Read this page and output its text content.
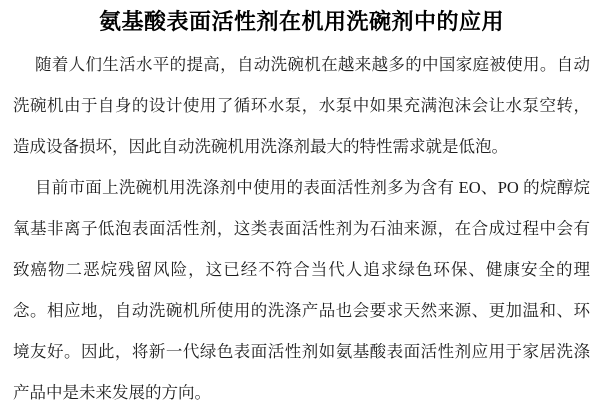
氨基酸表面活性剂在机用洗碗剂中的应用

随着人们生活水平的提高，自动洗碗机在越来越多的中国家庭被使用。自动洗碗机由于自身的设计使用了循环水泵，水泵中如果充满泡沫会让水泵空转，造成设备损坏，因此自动洗碗机用洗涤剂最大的特性需求就是低泡。

目前市面上洗碗机用洗涤剂中使用的表面活性剂多为含有 EO、PO 的烷醇烷氧基非离子低泡表面活性剂，这类表面活性剂为石油来源，在合成过程中会有致癌物二恶烷残留风险，这已经不符合当代人追求绿色环保、健康安全的理念。相应地，自动洗碗机所使用的洗涤产品也会要求天然来源、更加温和、环境友好。因此，将新一代绿色表面活性剂如氨基酸表面活性剂应用于家居洗涤产品中是未来发展的方向。
